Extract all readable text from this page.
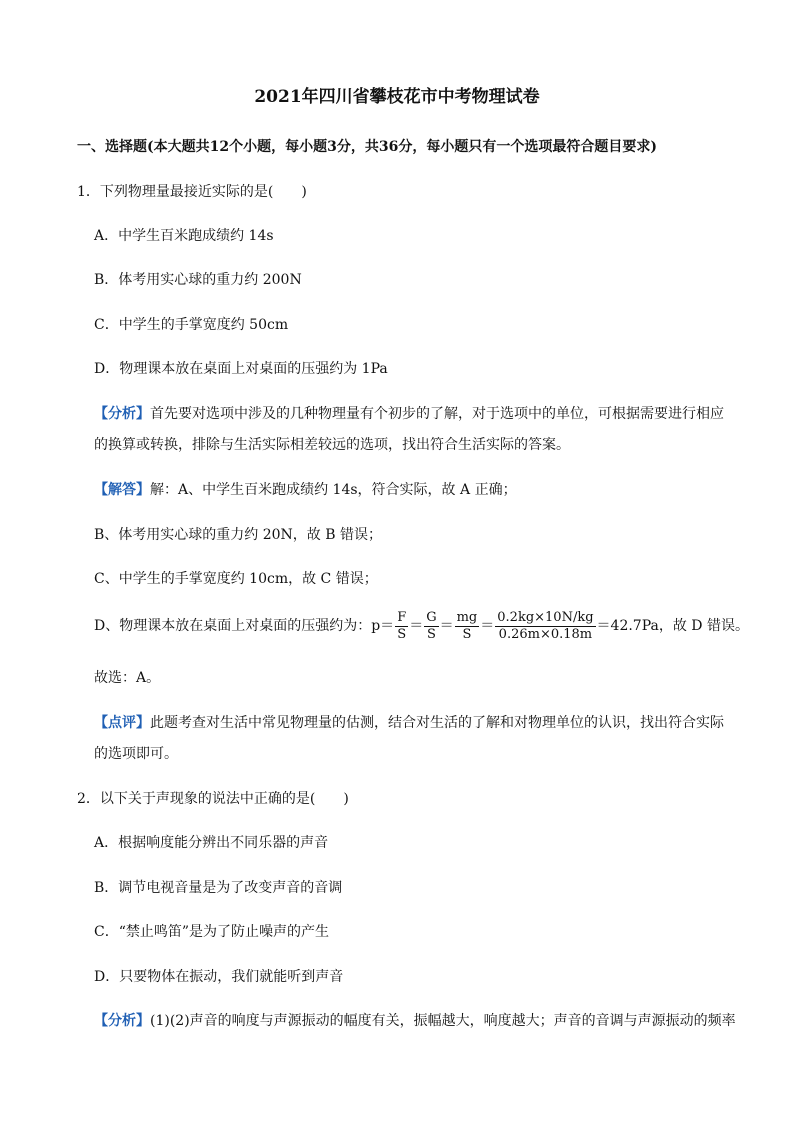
2021年四川省攀枝花市中考物理试卷
一、选择题(本大题共12个小题，每小题3分，共36分，每小题只有一个选项最符合题目要求)
1．下列物理量最接近实际的是(　　)
A．中学生百米跑成绩约 14s
B．体考用实心球的重力约 200N
C．中学生的手掌宽度约 50cm
D．物理课本放在桌面上对桌面的压强约为 1Pa
【分析】首先要对选项中涉及的几种物理量有个初步的了解，对于选项中的单位，可根据需要进行相应
的换算或转换，排除与生活实际相差较远的选项，找出符合生活实际的答案。
【解答】解：A、中学生百米跑成绩约 14s，符合实际，故 A 正确；
B、体考用实心球的重力约 20N，故 B 错误；
C、中学生的手掌宽度约 10cm，故 C 错误；
D、物理课本放在桌面上对桌面的压强约为：$p= \frac{F}{S} = \frac{G}{S} = \frac{mg}{S} = \frac{0.2kg\times 10N/kg}{0.26m\times 0.18m} =42.7Pa$，故 D 错误。
故选：A。
【点评】此题考查对生活中常见物理量的估测，结合对生活的了解和对物理单位的认识，找出符合实际
的选项即可。
2．以下关于声现象的说法中正确的是(　　)
A．根据响度能分辨出不同乐器的声音
B．调节电视音量是为了改变声音的音调
C．“禁止鸣笛”是为了防止噪声的产生
D．只要物体在振动，我们就能听到声音
【分析】(1)(2)声音的响度与声源振动的幅度有关，振幅越大，响度越大；声音的音调与声源振动的频率
